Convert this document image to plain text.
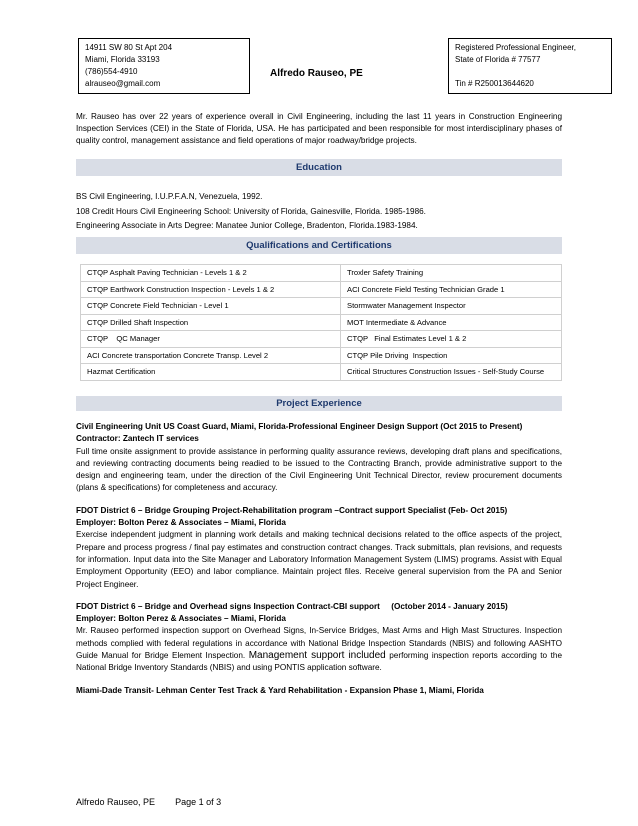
14911 SW 80 St Apt 204
Miami, Florida 33193
(786)554-4910
alrauseo@gmail.com
Alfredo Rauseo, PE
Registered Professional Engineer,
State of Florida # 77577

Tin # R250013644620
Mr. Rauseo has over 22 years of experience overall in Civil Engineering, including the last 11 years in Construction Engineering Inspection Services (CEI) in the State of Florida, USA. He has participated and been responsible for most interdisciplinary phases of quality control, management assistance and field operations of major roadway/bridge projects.
Education
BS Civil Engineering, I.U.P.F.A.N, Venezuela, 1992.
108 Credit Hours Civil Engineering School: University of Florida, Gainesville, Florida. 1985-1986.
Engineering Associate in Arts Degree: Manatee Junior College, Bradenton, Florida.1983-1984.
Qualifications and Certifications
CTQP Asphalt Paving Technician - Levels 1 & 2	Troxler Safety Training
CTQP Earthwork Construction Inspection - Levels 1 & 2	ACI Concrete Field Testing Technician Grade 1
CTQP Concrete Field Technician - Level 1	Stormwater Management Inspector
CTQP Drilled Shaft Inspection	MOT Intermediate & Advance
CTQP    QC Manager	CTQP   Final Estimates Level 1 & 2
ACI Concrete transportation Concrete Transp. Level 2	CTQP Pile Driving  Inspection
Hazmat Certification	Critical Structures Construction Issues - Self-Study Course
Project Experience
Civil Engineering Unit US Coast Guard, Miami, Florida-Professional Engineer Design Support (Oct 2015 to Present)
Contractor: Zantech IT services
Full time onsite assignment to provide assistance in performing quality assurance reviews, developing draft plans and specifications, and reviewing contracting documents being readied to be issued to the Contracting Branch, provide administrative support to the design and engineering team, under the direction of the Civil Engineering Unit Technical Director, review procurement documents (plans & specifications) for completeness and accuracy.
FDOT District 6 – Bridge Grouping Project-Rehabilitation program –Contract support Specialist (Feb- Oct 2015)
Employer: Bolton Perez & Associates – Miami, Florida
Exercise independent judgment in planning work details and making technical decisions related to the office aspects of the project, Prepare and process progress / final pay estimates and construction contract changes. Track submittals, plan revisions, and requests for information. Input data into the Site Manager and Laboratory Information Management System (LIMS) programs. Assist with Equal Employment Opportunity (EEO) and labor compliance. Maintain project files. Receive general supervision from the PA and Senior Project Engineer.
FDOT District 6 – Bridge and Overhead signs Inspection Contract-CBI support     (October 2014 - January 2015)
Employer: Bolton Perez & Associates – Miami, Florida
Mr. Rauseo performed inspection support on Overhead Signs, In-Service Bridges, Mast Arms and High Mast Structures. Inspection methods complied with federal regulations in accordance with National Bridge Inspection Standards (NBIS) and following AASHTO Guide Manual for Bridge Element Inspection. Management support included performing inspection reports according to the National Bridge Inventory Standards (NBIS) and using PONTIS application software.
Miami-Dade Transit- Lehman Center Test Track & Yard Rehabilitation - Expansion Phase 1, Miami, Florida
Alfredo Rauseo, PE Page 1 of 3
